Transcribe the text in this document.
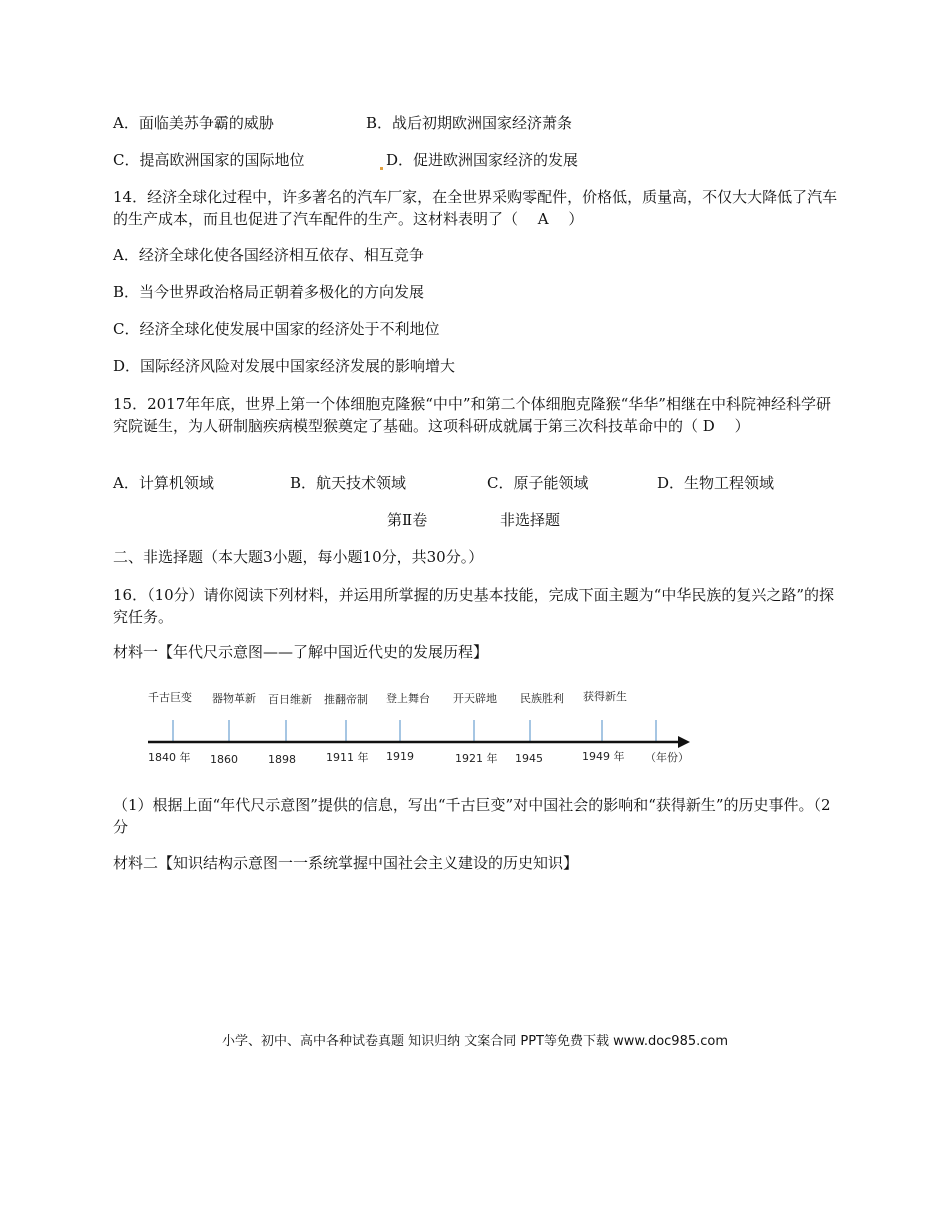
A．面临美苏争霸的威胁	B．战后初期欧洲国家经济萧条
C．提高欧洲国家的国际地位	D．促进欧洲国家经济的发展
14．经济全球化过程中，许多著名的汽车厂家，在全世界采购零配件，价格低，质量高，不仅大大降低了汽车的生产成本，而且也促进了汽车配件的生产。这材料表明了（　 A　 ）
A．经济全球化使各国经济相互依存、相互竞争
B．当今世界政治格局正朝着多极化的方向发展
C．经济全球化使发展中国家的经济处于不利地位
D．国际经济风险对发展中国家经济发展的影响增大
15．2017年年底，世界上第一个体细胞克隆猴“中中”和第二个体细胞克隆猴“华华”相继在中科院神经科学研究院诞生，为人研制脑疾病模型猴奠定了基础。这项科研成就属于第三次科技革命中的（ D　 ）
A．计算机领域	B．航天技术领域	C．原子能领域	D．生物工程领域
第Ⅱ卷	非选择题
二、非选择题（本大题3小题，每小题10分，共30分。）
16．（10分）请你阅读下列材料，并运用所掌握的历史基本技能，完成下面主题为“中华民族的复兴之路”的探究任务。
材料一【年代尺示意图——了解中国近代史的发展历程】
千古巨变 器物革新 百日维新 推翻帝制 登上舞台 开天辟地 民族胜利 获得新生
1840 年 1860	1898	1911 年 1919	1921 年 1945	1949 年 （年份）
（1）根据上面“年代尺示意图”提供的信息，写出“千古巨变”对中国社会的影响和“获得新生”的历史事件。（2分
材料二【知识结构示意图一一系统掌握中国社会主义建设的历史知识】
小学、初中、高中各种试卷真题 知识归纳 文案合同 PPT等免费下载 www.doc985.com
